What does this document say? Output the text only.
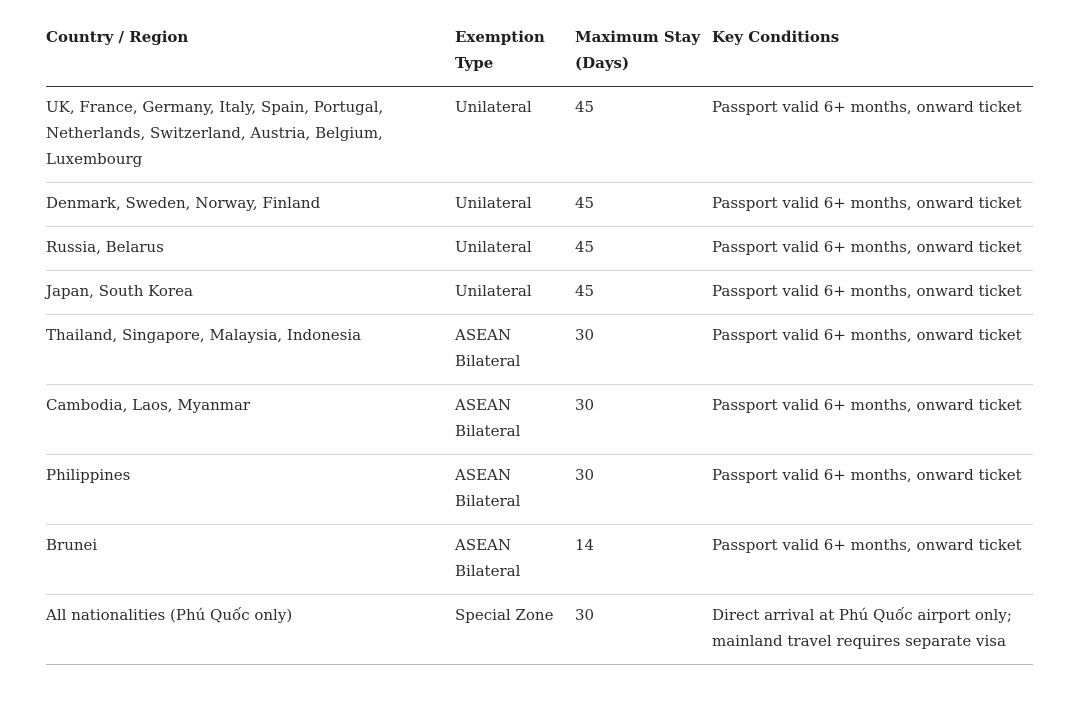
Country / Region	Exemption Type	Maximum Stay (Days)	Key Conditions
UK, France, Germany, Italy, Spain, Portugal, Netherlands, Switzerland, Austria, Belgium, Luxembourg	Unilateral	45	Passport valid 6+ months, onward ticket
Denmark, Sweden, Norway, Finland	Unilateral	45	Passport valid 6+ months, onward ticket
Russia, Belarus	Unilateral	45	Passport valid 6+ months, onward ticket
Japan, South Korea	Unilateral	45	Passport valid 6+ months, onward ticket
Thailand, Singapore, Malaysia, Indonesia	ASEAN Bilateral	30	Passport valid 6+ months, onward ticket
Cambodia, Laos, Myanmar	ASEAN Bilateral	30	Passport valid 6+ months, onward ticket
Philippines	ASEAN Bilateral	30	Passport valid 6+ months, onward ticket
Brunei	ASEAN Bilateral	14	Passport valid 6+ months, onward ticket
All nationalities (Phú Quốc only)	Special Zone	30	Direct arrival at Phú Quốc airport only; mainland travel requires separate visa
